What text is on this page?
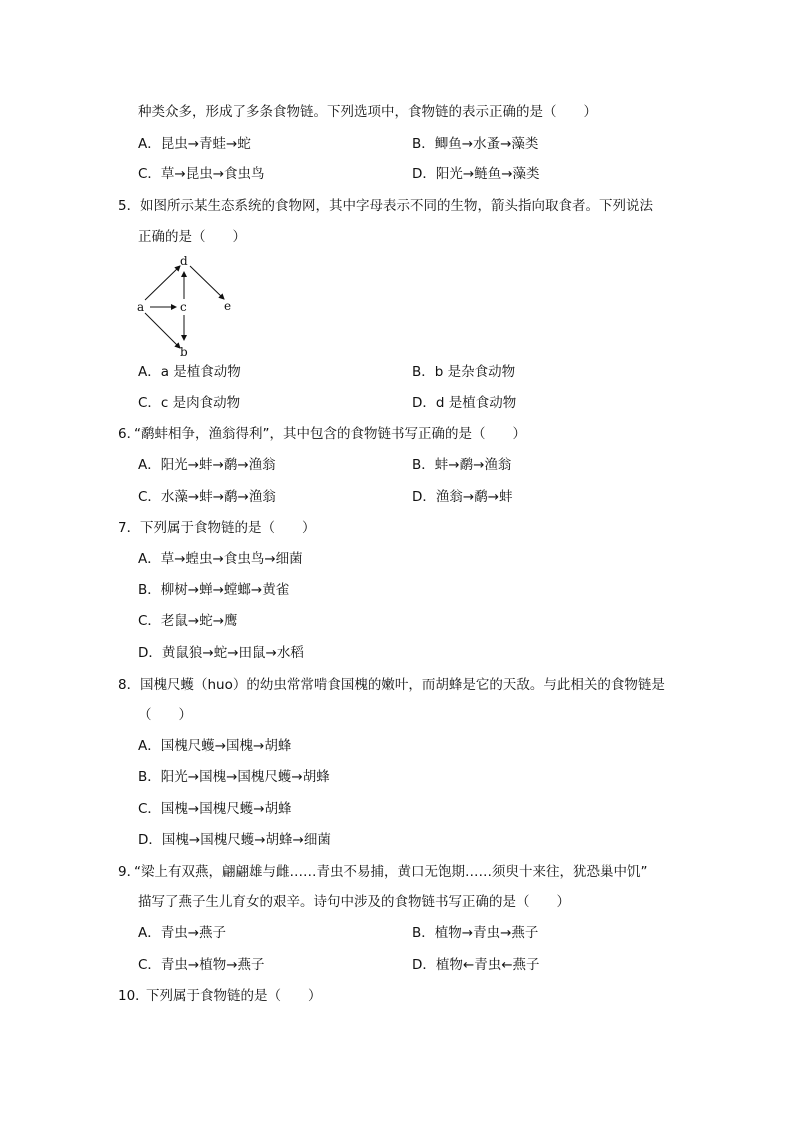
种类众多，形成了多条食物链。下列选项中，食物链的表示正确的是（　　）
A．昆虫→青蛙→蛇	B．鲫鱼→水蚤→藻类
C．草→昆虫→食虫鸟	D．阳光→鲢鱼→藻类
5． 如图所示某生态系统的食物网，其中字母表示不同的生物，箭头指向取食者。下列说法
正确的是（　　）
a
b
c
d
e
A．a 是植食动物	B．b 是杂食动物
C．c 是肉食动物	D．d 是植食动物
6．
“鹬蚌相争，渔翁得利”，其中包含的食物链书写正确的是（　　）
A．阳光→蚌→鹬→渔翁	B．蚌→鹬→渔翁
C．水藻→蚌→鹬→渔翁	D．渔翁→鹬→蚌
7． 下列属于食物链的是（　　）
A．草→蝗虫→食虫鸟→细菌
B．柳树→蝉→螳螂→黄雀
C．老鼠→蛇→鹰
D．黄鼠狼→蛇→田鼠→水稻
8． 国槐尺蠖（huo）的幼虫常常啃食国槐的嫩叶，而胡蜂是它的天敌。与此相关的食物链是
（　　）
A．国槐尺蠖→国槐→胡蜂
B．阳光→国槐→国槐尺蠖→胡蜂
C．国槐→国槐尺蠖→胡蜂
D．国槐→国槐尺蠖→胡蜂→细菌
9．
“梁上有双燕，翩翩雄与雌……青虫不易捕，黄口无饱期……须臾十来往，犹恐巢中饥”
描写了燕子生儿育女的艰辛。诗句中涉及的食物链书写正确的是（　　）
A．青虫→燕子	B．植物→青虫→燕子
C．青虫→植物→燕子	D．植物←青虫←燕子
10．
下列属于食物链的是（　　）
